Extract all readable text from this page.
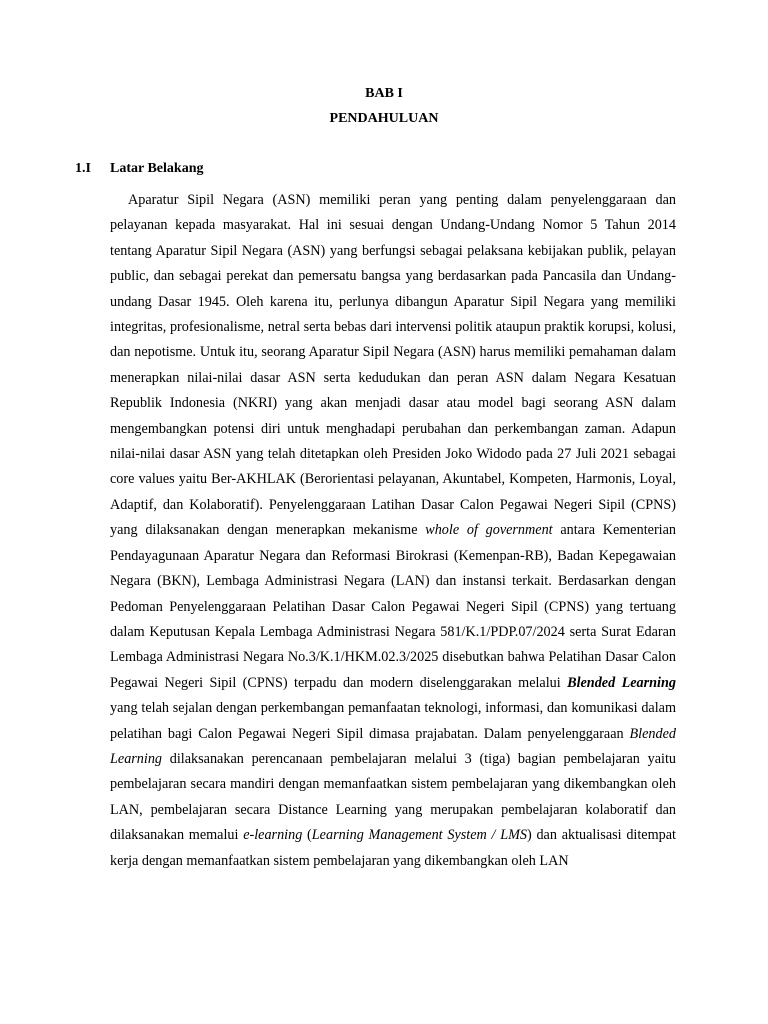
BAB I
PENDAHULUAN
1.I Latar Belakang

Aparatur Sipil Negara (ASN) memiliki peran yang penting dalam penyelenggaraan dan pelayanan kepada masyarakat. Hal ini sesuai dengan Undang-Undang Nomor 5 Tahun 2014 tentang Aparatur Sipil Negara (ASN) yang berfungsi sebagai pelaksana kebijakan publik, pelayan public, dan sebagai perekat dan pemersatu bangsa yang berdasarkan pada Pancasila dan Undang-undang Dasar 1945. Oleh karena itu, perlunya dibangun Aparatur Sipil Negara yang memiliki integritas, profesionalisme, netral serta bebas dari intervensi politik ataupun praktik korupsi, kolusi, dan nepotisme. Untuk itu, seorang Aparatur Sipil Negara (ASN) harus memiliki pemahaman dalam menerapkan nilai-nilai dasar ASN serta kedudukan dan peran ASN dalam Negara Kesatuan Republik Indonesia (NKRI) yang akan menjadi dasar atau model bagi seorang ASN dalam mengembangkan potensi diri untuk menghadapi perubahan dan perkembangan zaman. Adapun nilai-nilai dasar ASN yang telah ditetapkan oleh Presiden Joko Widodo pada 27 Juli 2021 sebagai core values yaitu Ber-AKHLAK (Berorientasi pelayanan, Akuntabel, Kompeten, Harmonis, Loyal, Adaptif, dan Kolaboratif). Penyelenggaraan Latihan Dasar Calon Pegawai Negeri Sipil (CPNS) yang dilaksanakan dengan menerapkan mekanisme whole of government antara Kementerian Pendayagunaan Aparatur Negara dan Reformasi Birokrasi (Kemenpan-RB), Badan Kepegawaian Negara (BKN), Lembaga Administrasi Negara (LAN) dan instansi terkait. Berdasarkan dengan Pedoman Penyelenggaraan Pelatihan Dasar Calon Pegawai Negeri Sipil (CPNS) yang tertuang dalam Keputusan Kepala Lembaga Administrasi Negara 581/K.1/PDP.07/2024 serta Surat Edaran Lembaga Administrasi Negara No.3/K.1/HKM.02.3/2025 disebutkan bahwa Pelatihan Dasar Calon Pegawai Negeri Sipil (CPNS) terpadu dan modern diselenggarakan melalui Blended Learning yang telah sejalan dengan perkembangan pemanfaatan teknologi, informasi, dan komunikasi dalam pelatihan bagi Calon Pegawai Negeri Sipil dimasa prajabatan. Dalam penyelenggaraan Blended Learning dilaksanakan perencanaan pembelajaran melalui 3 (tiga) bagian pembelajaran yaitu pembelajaran secara mandiri dengan memanfaatkan sistem pembelajaran yang dikembangkan oleh LAN, pembelajaran secara Distance Learning yang merupakan pembelajaran kolaboratif dan dilaksanakan memalui e-learning (Learning Management System / LMS) dan aktualisasi ditempat kerja dengan memanfaatkan sistem pembelajaran yang dikembangkan oleh LAN
